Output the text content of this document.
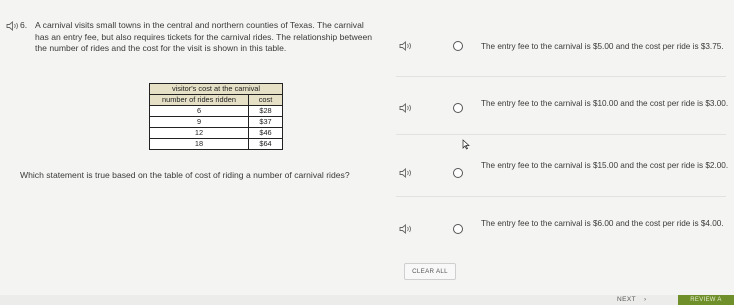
6. A carnival visits small towns in the central and northern counties of Texas. The carnival has an entry fee, but also requires tickets for the carnival rides. The relationship between the number of rides and the cost for the visit is shown in this table.
visitor's cost at the carnival	
number of rides ridden	cost
6	$28
9	$37
12	$46
18	$64
Which statement is true based on the table of cost of riding a number of carnival rides?
The entry fee to the carnival is $5.00 and the cost per ride is $3.75.
The entry fee to the carnival is $10.00 and the cost per ride is $3.00.
The entry fee to the carnival is $15.00 and the cost per ride is $2.00.
The entry fee to the carnival is $6.00 and the cost per ride is $4.00.
CLEAR ALL
NEXT ›	REVIEW A
